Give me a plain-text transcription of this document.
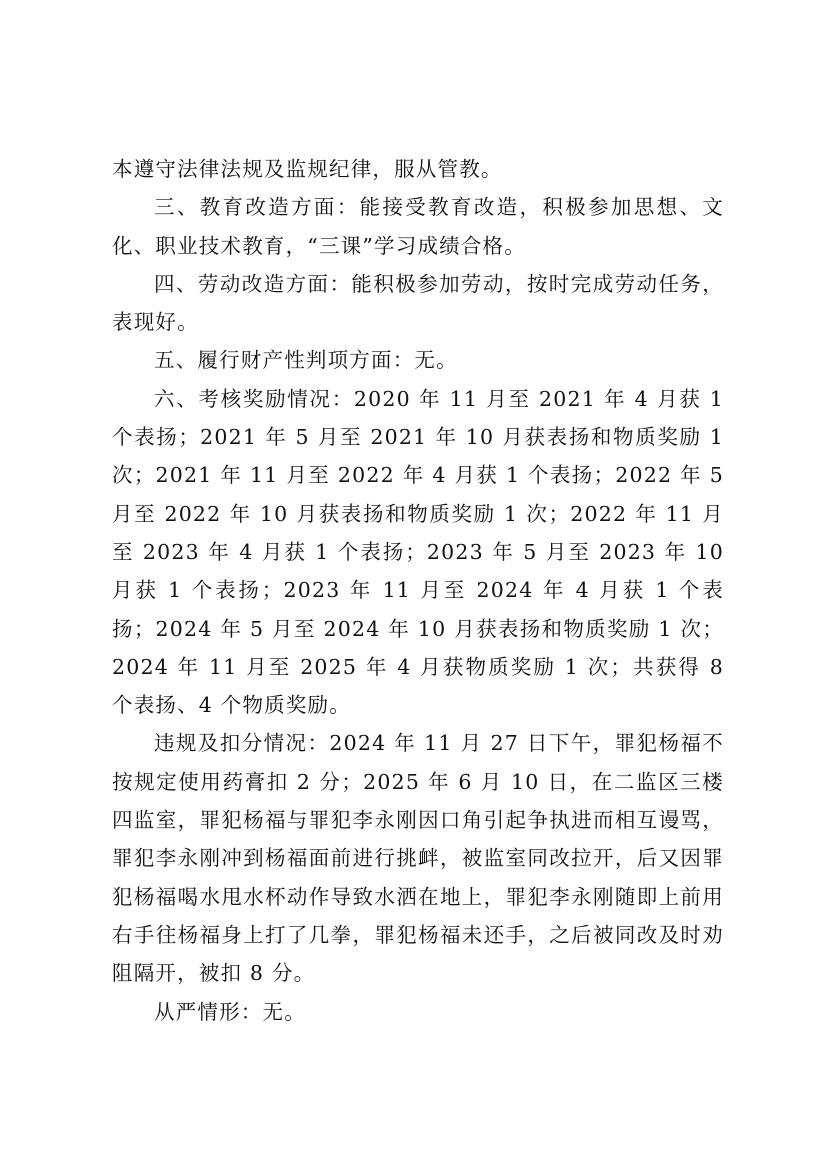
本遵守法律法规及监规纪律，服从管教。

三、教育改造方面：能接受教育改造，积极参加思想、文化、职业技术教育，“三课”学习成绩合格。

四、劳动改造方面：能积极参加劳动，按时完成劳动任务，表现好。

五、履行财产性判项方面：无。

六、考核奖励情况：2020 年 11 月至 2021 年 4 月获 1 个表扬；2021 年 5 月至 2021 年 10 月获表扬和物质奖励 1 次；2021 年 11 月至 2022 年 4 月获 1 个表扬；2022 年 5 月至 2022 年 10 月获表扬和物质奖励 1 次；2022 年 11 月至 2023 年 4 月获 1 个表扬；2023 年 5 月至 2023 年 10 月获 1 个表扬；2023 年 11 月至 2024 年 4 月获 1 个表扬；2024 年 5 月至 2024 年 10 月获表扬和物质奖励 1 次；2024 年 11 月至 2025 年 4 月获物质奖励 1 次；共获得 8 个表扬、4 个物质奖励。

违规及扣分情况：2024 年 11 月 27 日下午，罪犯杨福不按规定使用药膏扣 2 分；2025 年 6 月 10 日，在二监区三楼四监室，罪犯杨福与罪犯李永刚因口角引起争执进而相互谩骂，罪犯李永刚冲到杨福面前进行挑衅，被监室同改拉开，后又因罪犯杨福喝水甩水杯动作导致水洒在地上，罪犯李永刚随即上前用右手往杨福身上打了几拳，罪犯杨福未还手，之后被同改及时劝阻隔开，被扣 8 分。

从严情形：无。
